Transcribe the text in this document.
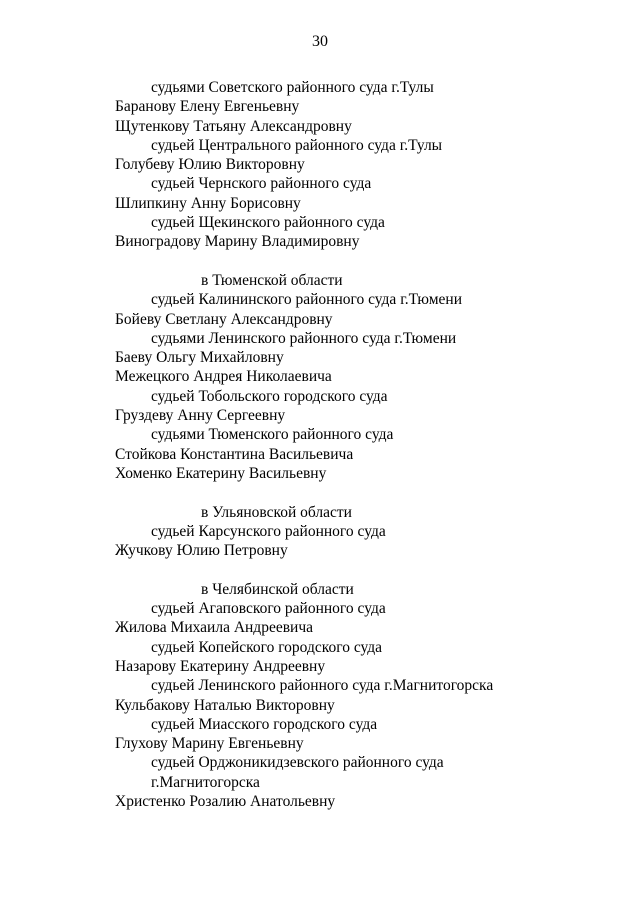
30
судьями Советского районного суда г.Тулы
Баранову Елену Евгеньевну
Щутенкову Татьяну Александровну
судьей Центрального районного суда г.Тулы
Голубеву Юлию Викторовну
судьей Чернского районного суда
Шлипкину Анну Борисовну
судьей Щекинского районного суда
Виноградову Марину Владимировну
в Тюменской области
судьей Калининского районного суда г.Тюмени
Бойеву Светлану Александровну
судьями Ленинского районного суда г.Тюмени
Баеву Ольгу Михайловну
Межецкого Андрея Николаевича
судьей Тобольского городского суда
Груздеву Анну Сергеевну
судьями Тюменского районного суда
Стойкова Константина Васильевича
Хоменко Екатерину Васильевну
в Ульяновской области
судьей Карсунского районного суда
Жучкову Юлию Петровну
в Челябинской области
судьей Агаповского районного суда
Жилова Михаила Андреевича
судьей Копейского городского суда
Назарову Екатерину Андреевну
судьей Ленинского районного суда г.Магнитогорска
Кульбакову Наталью Викторовну
судьей Миасского городского суда
Глухову Марину Евгеньевну
судьей Орджоникидзевского районного суда
г.Магнитогорска
Христенко Розалию Анатольевну
